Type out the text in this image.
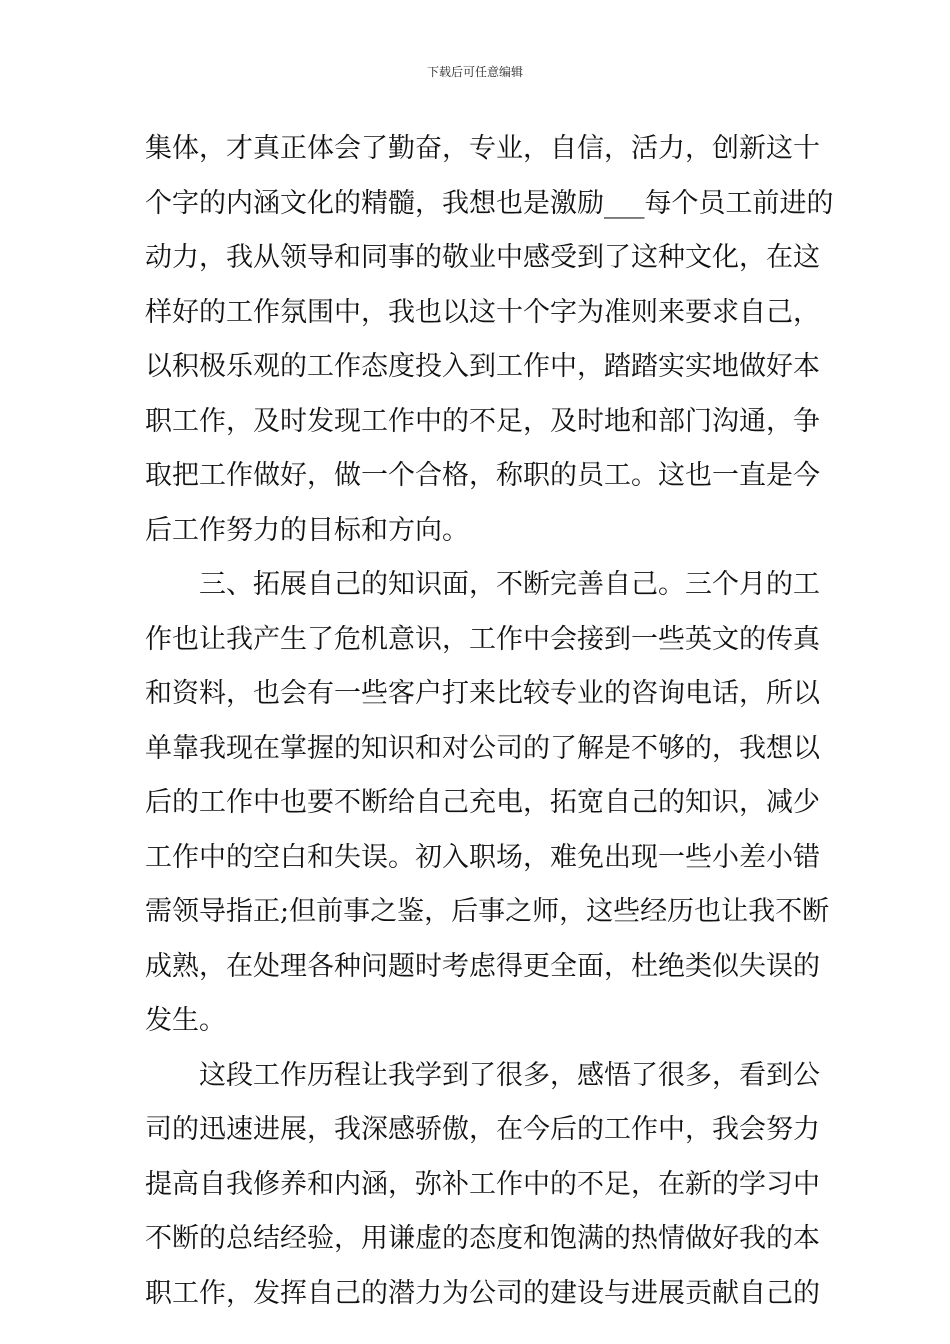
下载后可任意编辑
集体，才真正体会了勤奋，专业，自信，活力，创新这十
个字的内涵文化的精髓，我想也是激励___每个员工前进的
动力，我从领导和同事的敬业中感受到了这种文化，在这
样好的工作氛围中，我也以这十个字为准则来要求自己，
以积极乐观的工作态度投入到工作中，踏踏实实地做好本
职工作，及时发现工作中的不足，及时地和部门沟通，争
取把工作做好，做一个合格，称职的员工。这也一直是今
后工作努力的目标和方向。
三、拓展自己的知识面，不断完善自己。三个月的工
作也让我产生了危机意识，工作中会接到一些英文的传真
和资料，也会有一些客户打来比较专业的咨询电话，所以
单靠我现在掌握的知识和对公司的了解是不够的，我想以
后的工作中也要不断给自己充电，拓宽自己的知识，减少
工作中的空白和失误。初入职场，难免出现一些小差小错
需领导指正;但前事之鉴，后事之师，这些经历也让我不断
成熟，在处理各种问题时考虑得更全面，杜绝类似失误的
发生。
这段工作历程让我学到了很多，感悟了很多，看到公
司的迅速进展，我深感骄傲，在今后的工作中，我会努力
提高自我修养和内涵，弥补工作中的不足，在新的学习中
不断的总结经验，用谦虚的态度和饱满的热情做好我的本
职工作，发挥自己的潜力为公司的建设与进展贡献自己的
